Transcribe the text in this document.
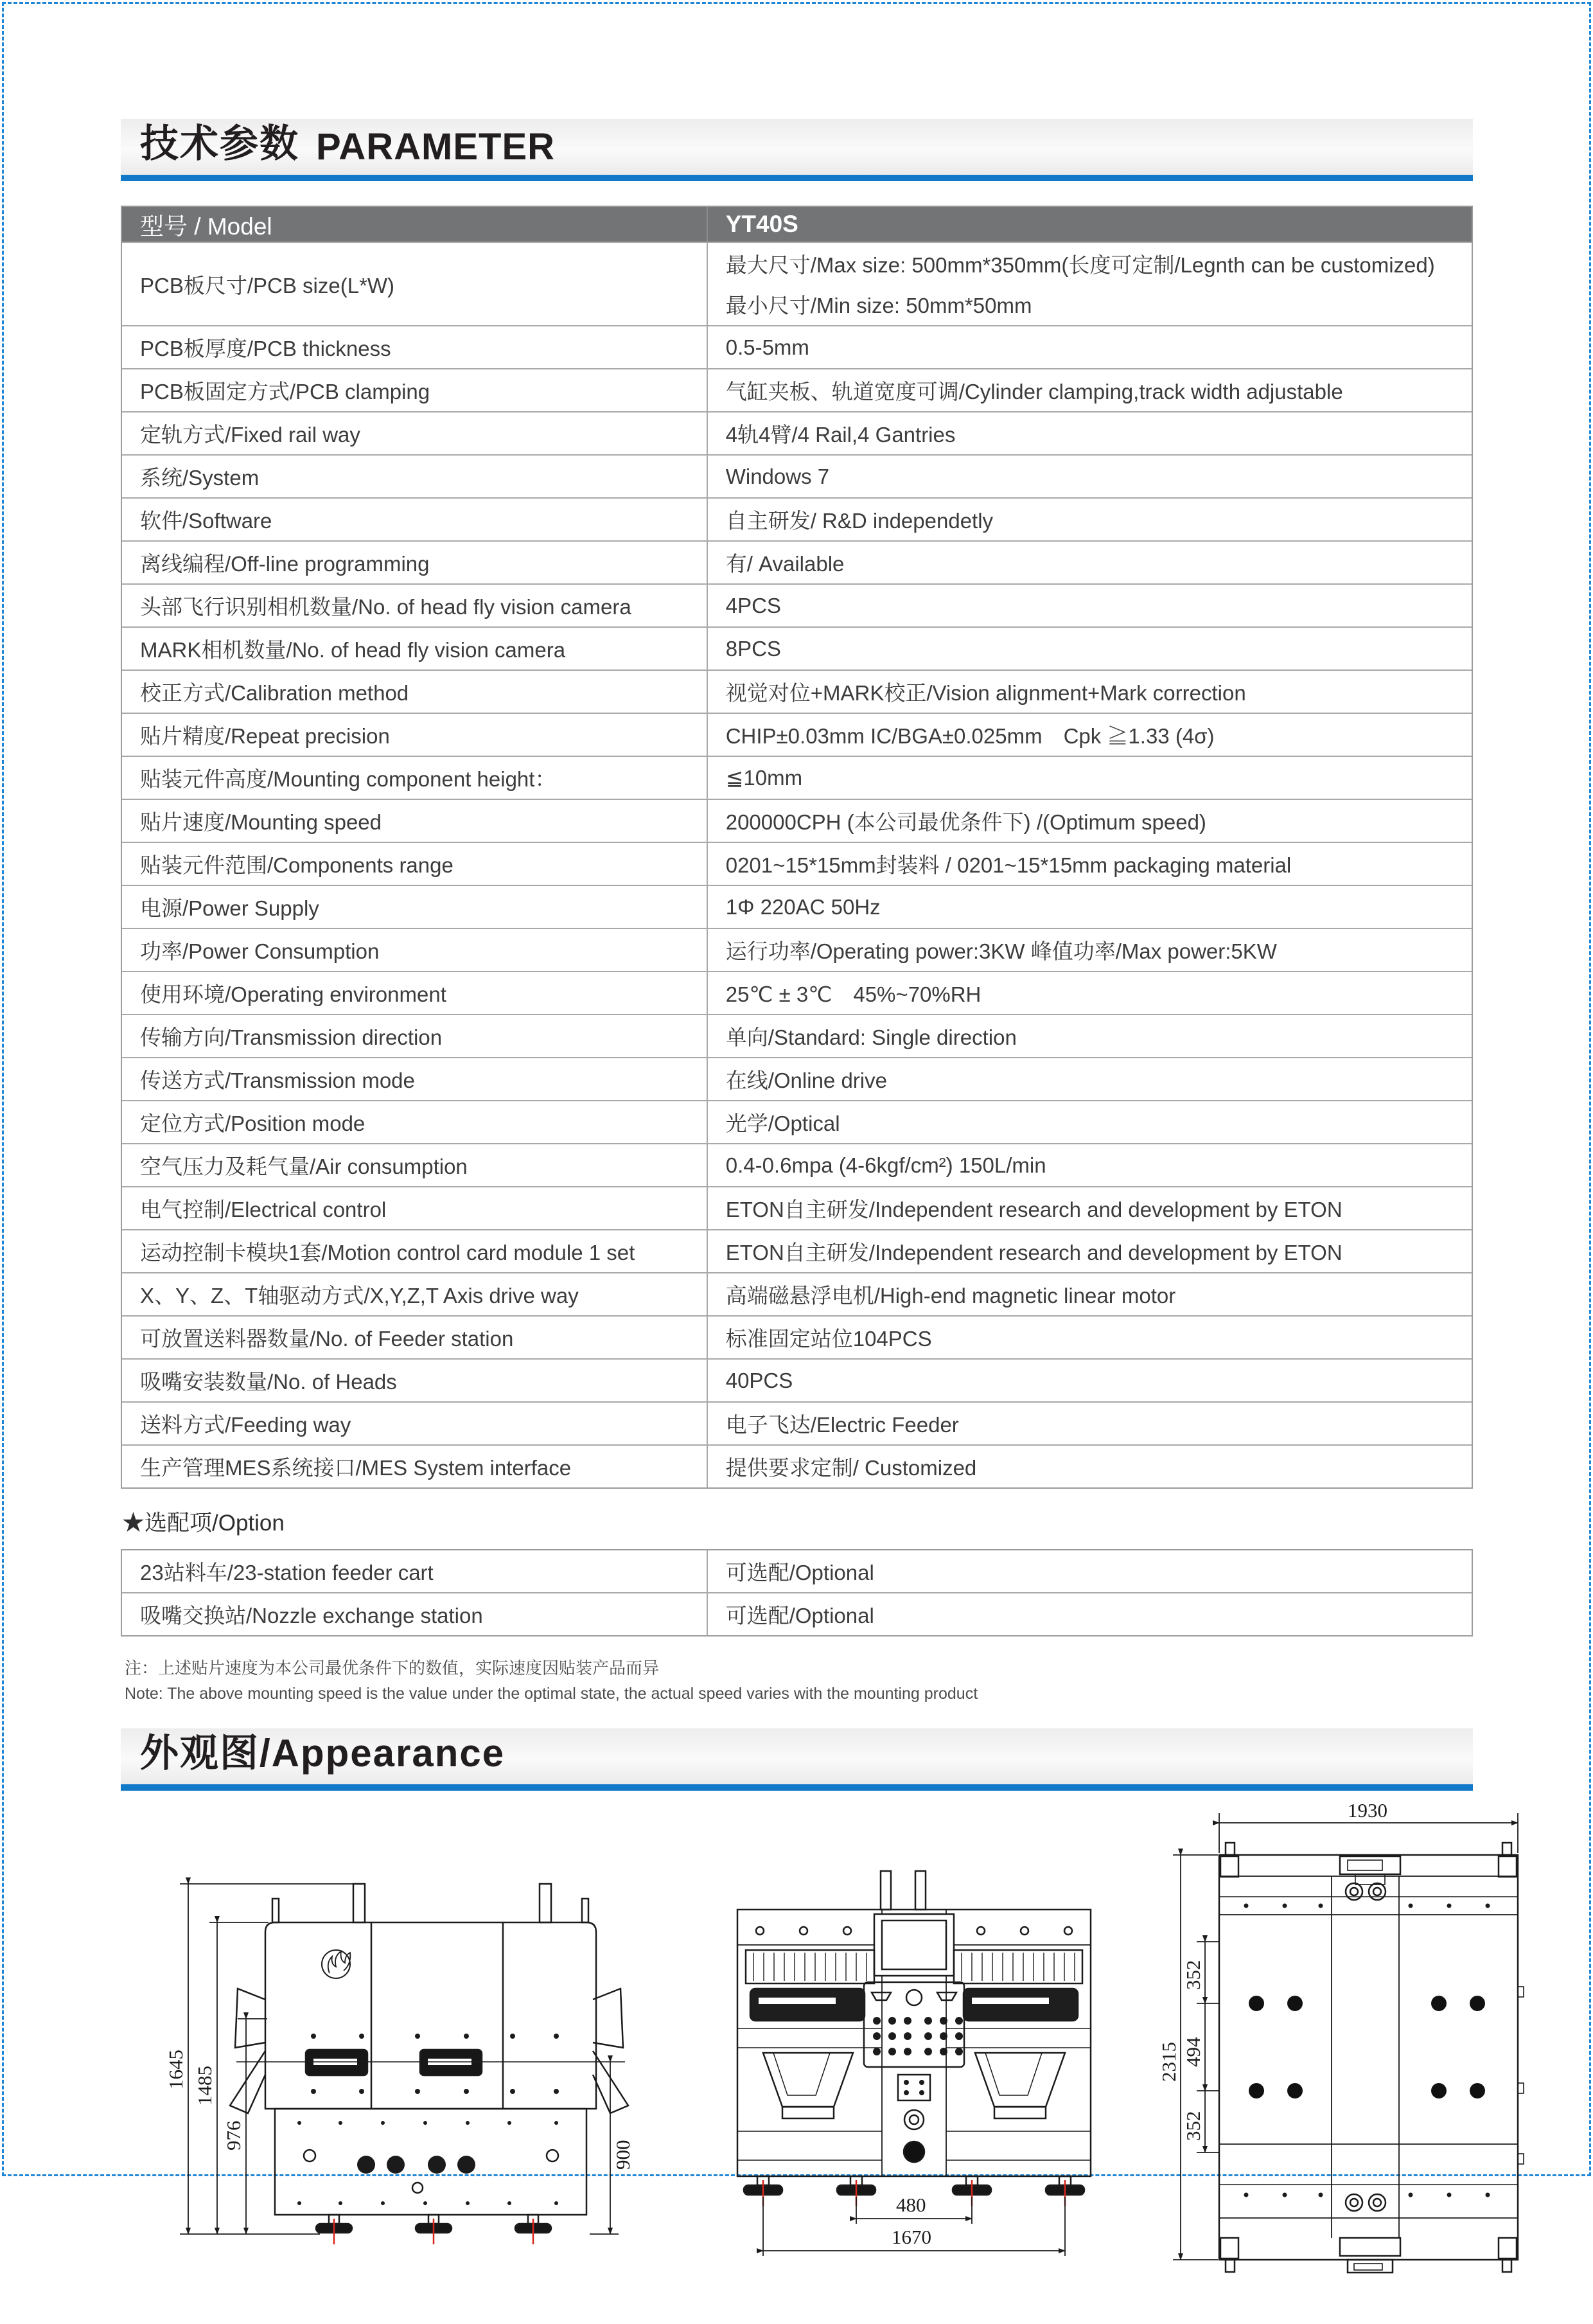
技术参数 PARAMETER
型号 / Model	YT40S
PCB板尺寸/PCB size(L*W)
最大尺寸/Max size: 500mm*350mm(长度可定制/Legnth can be customized)
最小尺寸/Min size: 50mm*50mm
PCB板厚度/PCB thickness	0.5-5mm
PCB板固定方式/PCB clamping	气缸夹板、轨道宽度可调/Cylinder clamping,track width adjustable
定轨方式/Fixed rail way	4轨4臂/4 Rail,4 Gantries
系统/System	Windows 7
软件/Software	自主研发/ R&D independetly
离线编程/Off-line programming	有/ Available
头部飞行识别相机数量/No. of head fly vision camera	4PCS
MARK相机数量/No. of head fly vision camera	8PCS
校正方式/Calibration method	视觉对位+MARK校正/Vision alignment+Mark correction
贴片精度/Repeat precision	CHIP±0.03mm IC/BGA±0.025mm　Cpk ≧1.33 (4σ)
贴装元件高度/Mounting component height：	≦10mm
贴片速度/Mounting speed	200000CPH (本公司最优条件下) /(Optimum speed)
贴装元件范围/Components range	0201~15*15mm封装料 / 0201~15*15mm packaging material
电源/Power Supply	1Φ 220AC 50Hz
功率/Power Consumption	运行功率/Operating power:3KW 峰值功率/Max power:5KW
使用环境/Operating environment	25℃ ± 3℃　45%~70%RH
传输方向/Transmission direction	单向/Standard: Single direction
传送方式/Transmission mode	在线/Online drive
定位方式/Position mode	光学/Optical
空气压力及耗气量/Air consumption	0.4-0.6mpa (4-6kgf/cm²) 150L/min
电气控制/Electrical control	ETON自主研发/Independent research and development by ETON
运动控制卡模块1套/Motion control card module 1 set	ETON自主研发/Independent research and development by ETON
X、Y、Z、T轴驱动方式/X,Y,Z,T Axis drive way	高端磁悬浮电机/High-end magnetic linear motor
可放置送料器数量/No. of Feeder station	标准固定站位104PCS
吸嘴安装数量/No. of Heads	40PCS
送料方式/Feeding way	电子飞达/Electric Feeder
生产管理MES系统接口/MES System interface	提供要求定制/ Customized
★选配项/Option
23站料车/23-station feeder cart	可选配/Optional
吸嘴交换站/Nozzle exchange station	可选配/Optional
注：上述贴片速度为本公司最优条件下的数值，实际速度因贴装产品而异
Note: The above mounting speed is the value under the optimal state, the actual speed varies with the mounting product
外观图/Appearance
1645 1485
976
900
480
1670
1930
2315
352
494
352
